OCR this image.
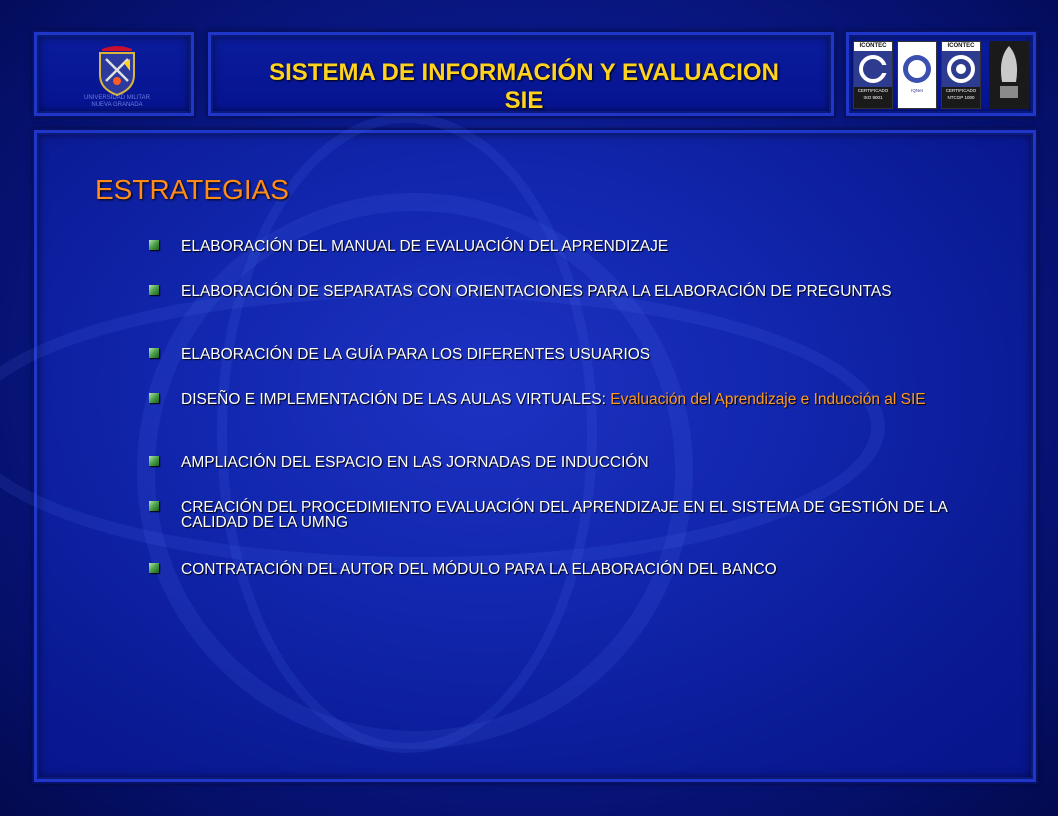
UNIVERSIDAD MILITAR
NUEVA GRANADA
SISTEMA DE INFORMACIÓN Y EVALUACION
SIE
ICONTEC
CERTIFICADO ISO 9001
IQNet
ICONTEC
CERTIFICADO NTCGP 1000
ESTRATEGIAS
ELABORACIÓN DEL MANUAL DE EVALUACIÓN DEL APRENDIZAJE
ELABORACIÓN DE SEPARATAS CON ORIENTACIONES PARA LA ELABORACIÓN DE PREGUNTAS
ELABORACIÓN DE LA GUÍA PARA LOS DIFERENTES USUARIOS
DISEÑO E IMPLEMENTACIÓN DE LAS AULAS VIRTUALES: Evaluación del Aprendizaje e Inducción al SIE
AMPLIACIÓN DEL ESPACIO EN LAS JORNADAS DE INDUCCIÓN
CREACIÓN DEL PROCEDIMIENTO EVALUACIÓN DEL APRENDIZAJE EN EL SISTEMA DE GESTIÓN DE LA CALIDAD DE LA UMNG
CONTRATACIÓN DEL AUTOR DEL MÓDULO PARA LA ELABORACIÓN DEL BANCO
